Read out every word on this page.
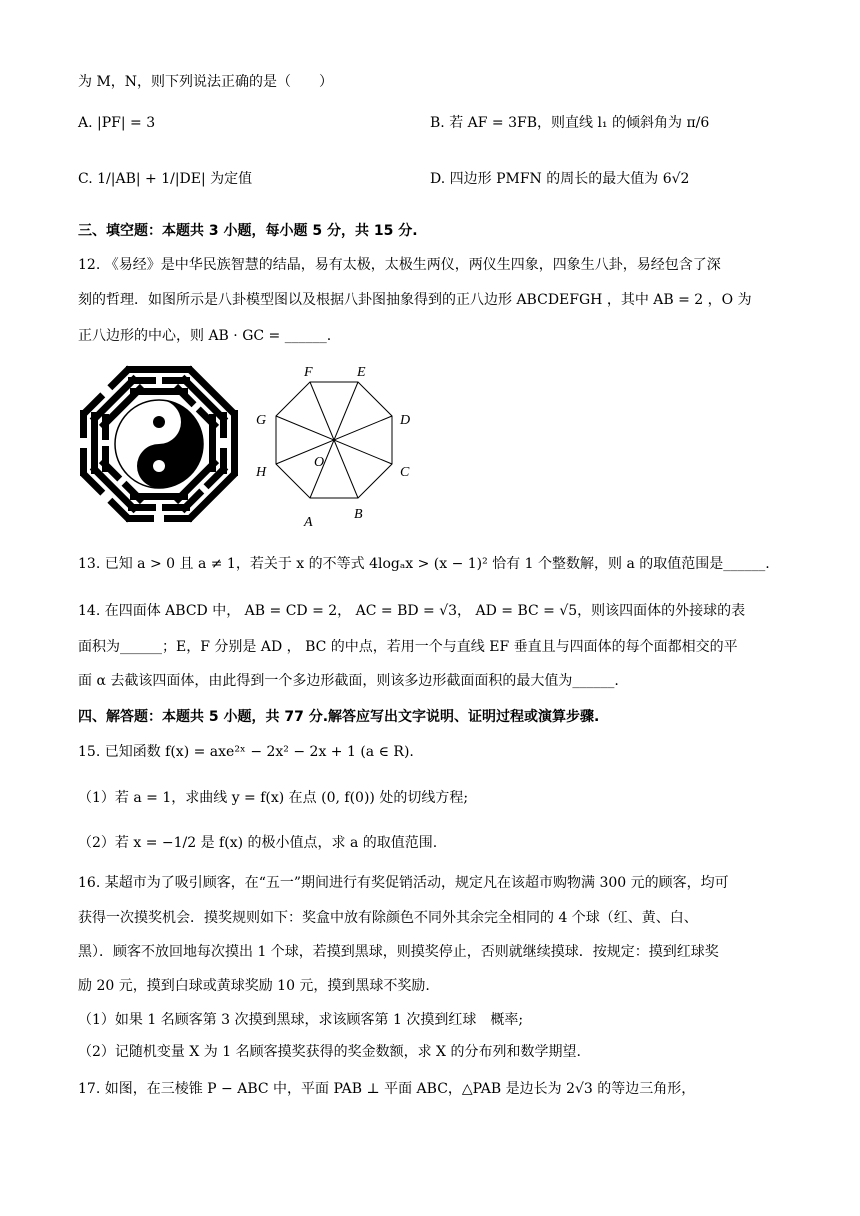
为 M，N，则下列说法正确的是（　　）
A. |PF| = 3	B. 若 AF = 3FB，则直线 l₁ 的倾斜角为 π/6
C. 1/|AB| + 1/|DE| 为定值	D. 四边形 PMFN 的周长的最大值为 6√2
三、填空题：本题共 3 小题，每小题 5 分，共 15 分.
12. 《易经》是中华民族智慧的结晶，易有太极，太极生两仪，两仪生四象，四象生八卦，易经包含了深
刻的哲理．如图所示是八卦模型图以及根据八卦图抽象得到的正八边形 ABCDEFGH ，其中 AB = 2 ，O 为
正八边形的中心，则 AB · GC = ______.
F	E
D
C
B
A
H
G
O
13. 已知 a > 0 且 a ≠ 1，若关于 x 的不等式 4logₐx > (x − 1)² 恰有 1 个整数解，则 a 的取值范围是______.
14. 在四面体 ABCD 中， AB = CD = 2， AC = BD = √3， AD = BC = √5，则该四面体的外接球的表
面积为______；E，F 分别是 AD ， BC 的中点，若用一个与直线 EF 垂直且与四面体的每个面都相交的平
面 α 去截该四面体，由此得到一个多边形截面，则该多边形截面面积的最大值为______.
四、解答题：本题共 5 小题，共 77 分.解答应写出文字说明、证明过程或演算步骤.
15. 已知函数 f(x) = axe²ˣ − 2x² − 2x + 1 (a ∈ R).
（1）若 a = 1，求曲线 y = f(x) 在点 (0, f(0)) 处的切线方程;
（2）若 x = −1/2 是 f(x) 的极小值点，求 a 的取值范围.
16. 某超市为了吸引顾客，在“五一”期间进行有奖促销活动，规定凡在该超市购物满 300 元的顾客，均可
获得一次摸奖机会．摸奖规则如下：奖盒中放有除颜色不同外其余完全相同的 4 个球（红、黄、白、
黑）．顾客不放回地每次摸出 1 个球，若摸到黑球，则摸奖停止，否则就继续摸球．按规定：摸到红球奖
励 20 元，摸到白球或黄球奖励 10 元，摸到黑球不奖励.
（1）如果 1 名顾客第 3 次摸到黑球，求该顾客第 1 次摸到红球　概率;
（2）记随机变量 X 为 1 名顾客摸奖获得的奖金数额，求 X 的分布列和数学期望.
17. 如图，在三棱锥 P − ABC 中，平面 PAB ⊥ 平面 ABC，△PAB 是边长为 2√3 的等边三角形，
